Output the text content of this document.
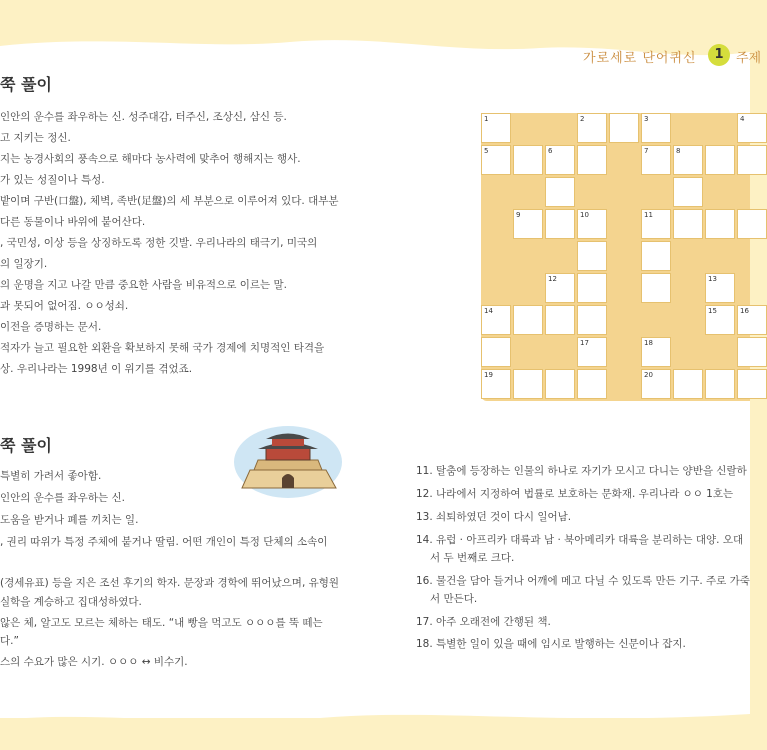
가로세로 단어퀴신	1 주제
쭉 풀이
인안의 운수를 좌우하는 신. 성주대감, 터주신, 조상신, 삼신 등.
고 지키는 정신.
지는 농경사회의 풍속으로 해마다 농사력에 맞추어 행해지는 행사.
가 있는 성질이나 특성.
밭이며 구반(口盤), 체벽, 족반(足盤)의 세 부분으로 이루어져 있다. 대부분
다른 동물이나 바위에 붙어산다.
, 국민성, 이상 등을 상징하도록 정한 깃발. 우리나라의 태극기, 미국의
의 일장기.
의 운명을 지고 나갈 만큼 중요한 사람을 비유적으로 이르는 말.
과 못되어 없어짐. ㅇㅇ성쇠.
이전을 증명하는 문서.
적자가 늘고 필요한 외환을 확보하지 못해 국가 경제에 치명적인 타격을
상. 우리나라는 1998년 이 위기를 겪었죠.
1	2	3	4
5	6	7	8
9	10	11
12	13
14	15	16
17	18
19	20
쭉 풀이
특별히 가려서 좋아함.
인안의 운수를 좌우하는 신.
도움을 받거나 폐를 끼치는 일.
, 권리 따위가 특정 주체에 붙거나 딸림. 어떤 개인이 특정 단체의 소속이
(경세유표) 등을 지은 조선 후기의 학자. 문장과 경학에 뛰어났으며, 유형원
실학을 계승하고 집대성하였다.
않은 체, 알고도 모르는 체하는 태도. “내 빵을 먹고도 ㅇㅇㅇ를 뚝 떼는
다.”
스의 수요가 많은 시기. ㅇㅇㅇ ↔ 비수기.
11. 탈춤에 등장하는 인물의 하나로 자기가 모시고 다니는 양반을 신랄하
12. 나라에서 지정하여 법률로 보호하는 문화재. 우리나라 ㅇㅇ 1호는
13. 쇠퇴하였던 것이 다시 일어남.
14. 유럽 · 아프리카 대륙과 남 · 북아메리카 대륙을 분리하는 대양. 오대
서 두 번째로 크다.
16. 물건을 담아 들거나 어깨에 메고 다닐 수 있도록 만든 기구. 주로 가죽
서 만든다.
17. 아주 오래전에 간행된 책.
18. 특별한 일이 있을 때에 임시로 발행하는 신문이나 잡지.
